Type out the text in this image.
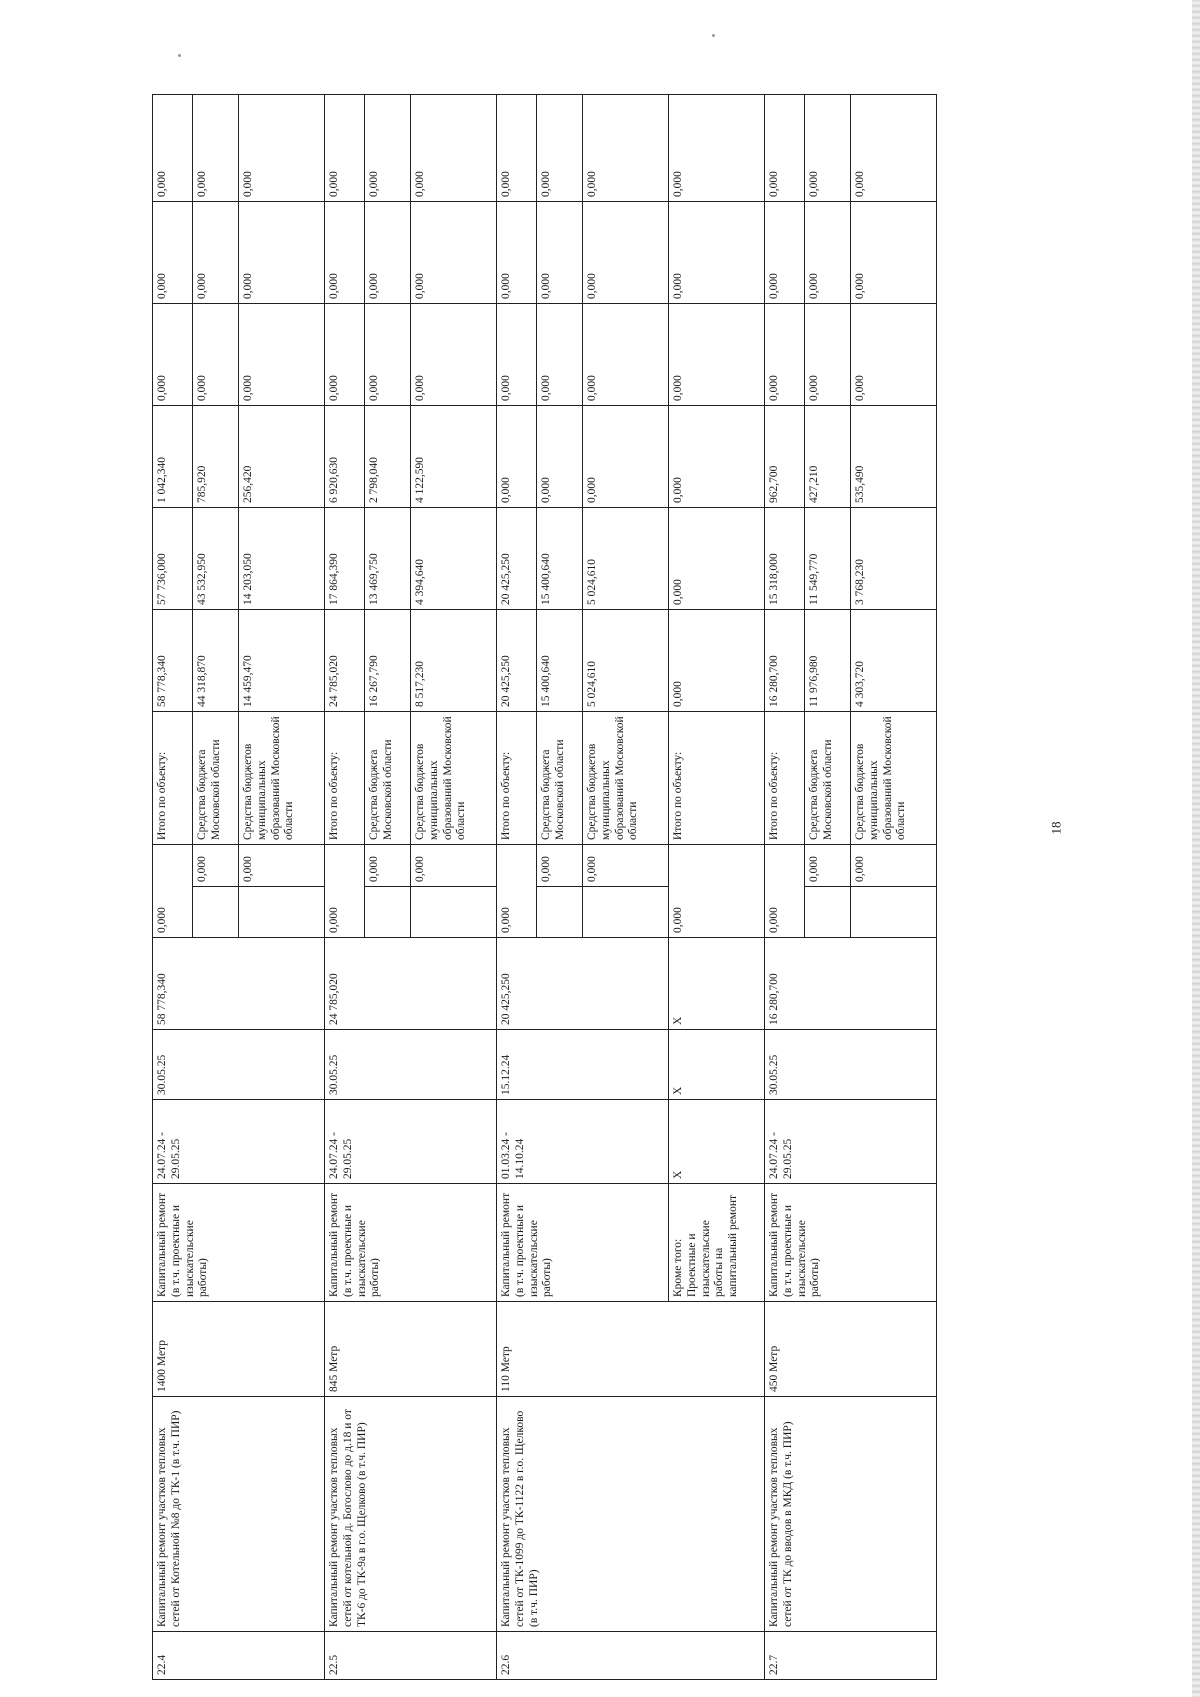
22.4	Капитальный ремонт участков тепловых сетей от Котельной №8 до ТК-1 (в т.ч. ПИР)	1400 Метр	Капитальный ремонт (в т.ч. проектные и изыскательские работы)	24.07.24 - 29.05.25	30.05.25	58 778,340	0,000		Итого по объекту:	58 778,340	57 736,000	1 042,340	0,000	0,000	0,000
								0,000	Средства бюджета Московской области	44 318,870	43 532,950	785,920	0,000	0,000	0,000
								0,000	Средства бюджетов муниципальных образований Московской области	14 459,470	14 203,050	256,420	0,000	0,000	0,000
22.5	Капитальный ремонт участков тепловых сетей от котельной д. Богослово до д.18 и от ТК-6 до ТК-9а в г.о. Щелково (в т.ч. ПИР)	845 Метр	Капитальный ремонт (в т.ч. проектные и изыскательские работы)	24.07.24 - 29.05.25	30.05.25	24 785,020	0,000		Итого по объекту:	24 785,020	17 864,390	6 920,630	0,000	0,000	0,000
								0,000	Средства бюджета Московской области	16 267,790	13 469,750	2 798,040	0,000	0,000	0,000
								0,000	Средства бюджетов муниципальных образований Московской области	8 517,230	4 394,640	4 122,590	0,000	0,000	0,000
22.6	Капитальный ремонт участков тепловых сетей от ТК-1099 до ТК-1122 в г.о. Щелково (в т.ч. ПИР)	110 Метр	Капитальный ремонт (в т.ч. проектные и изыскательские работы)	01.03.24 - 14.10.24	15.12.24	20 425,250	0,000		Итого по объекту:	20 425,250	20 425,250	0,000	0,000	0,000	0,000
								0,000	Средства бюджета Московской области	15 400,640	15 400,640	0,000	0,000	0,000	0,000
								0,000	Средства бюджетов муниципальных образований Московской области	5 024,610	5 024,610	0,000	0,000	0,000	0,000
			Кроме того: Проектные и изыскательские работы на капитальный ремонт	X	X	X	0,000		Итого по объекту:	0,000	0,000	0,000	0,000	0,000	0,000
22.7	Капитальный ремонт участков тепловых сетей от ТК до вводов в МКД (в т.ч. ПИР)	450 Метр	Капитальный ремонт (в т.ч. проектные и изыскательские работы)	24.07.24 - 29.05.25	30.05.25	16 280,700	0,000		Итого по объекту:	16 280,700	15 318,000	962,700	0,000	0,000	0,000
								0,000	Средства бюджета Московской области	11 976,980	11 549,770	427,210	0,000	0,000	0,000
								0,000	Средства бюджетов муниципальных образований Московской области	4 303,720	3 768,230	535,490	0,000	0,000	0,000
18
